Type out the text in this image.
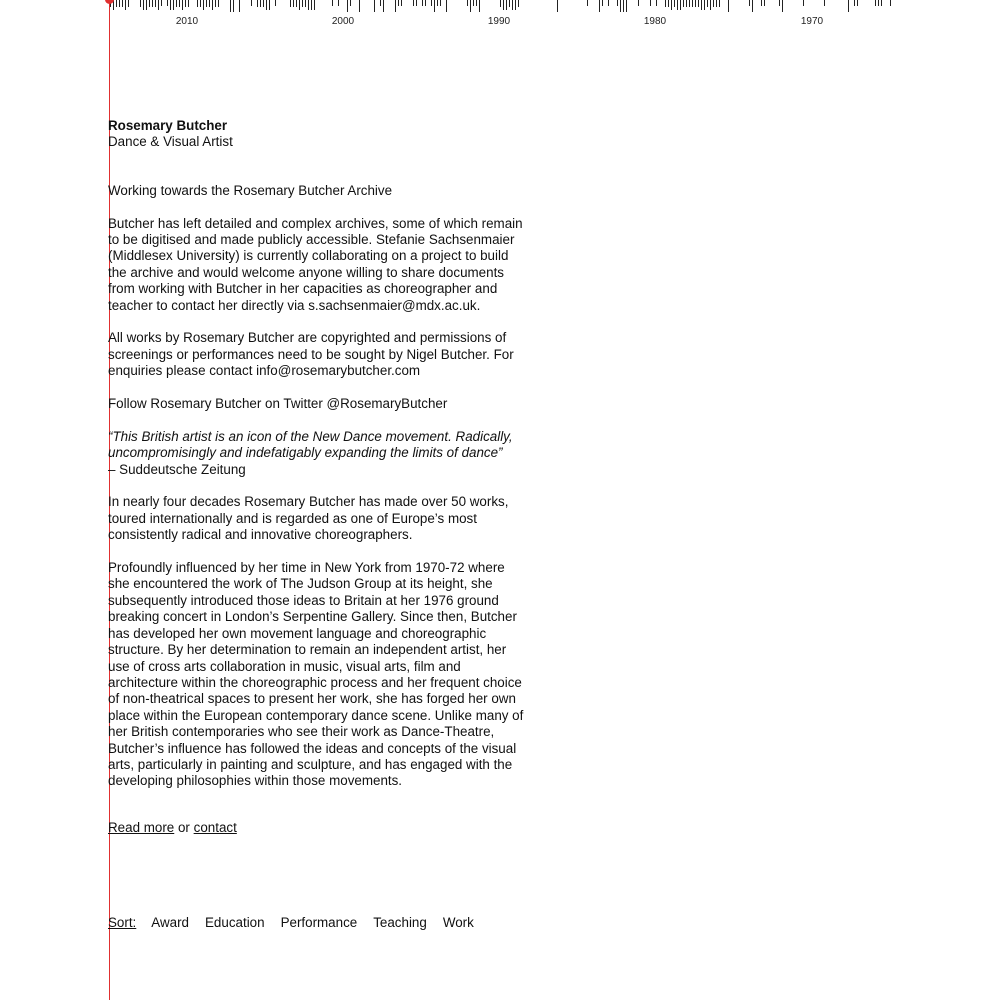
2010	2000	1990	1980	1970
Rosemary Butcher
Dance & Visual Artist

Working towards the Rosemary Butcher Archive

Butcher has left detailed and complex archives, some of which remain to be digitised and made publicly accessible. Stefanie Sachsenmaier (Middlesex University) is currently collaborating on a project to build the archive and would welcome anyone willing to share documents from working with Butcher in her capacities as choreographer and teacher to contact her directly via s.sachsenmaier@mdx.ac.uk.

All works by Rosemary Butcher are copyrighted and permissions of screenings or performances need to be sought by Nigel Butcher. For enquiries please contact info@rosemarybutcher.com

Follow Rosemary Butcher on Twitter @RosemaryButcher

“This British artist is an icon of the New Dance movement. Radically, uncompromisingly and indefatigably expanding the limits of dance”

– Suddeutsche Zeitung

In nearly four decades Rosemary Butcher has made over 50 works, toured internationally and is regarded as one of Europe’s most consistently radical and innovative choreographers.

Profoundly influenced by her time in New York from 1970-72 where she encountered the work of The Judson Group at its height, she subsequently introduced those ideas to Britain at her 1976 ground breaking concert in London’s Serpentine Gallery. Since then, Butcher has developed her own movement language and choreographic structure. By her determination to remain an independent artist, her use of cross arts collaboration in music, visual arts, film and architecture within the choreographic process and her frequent choice of non-theatrical spaces to present her work, she has forged her own place within the European contemporary dance scene. Unlike many of her British contemporaries who see their work as Dance-Theatre, Butcher’s influence has followed the ideas and concepts of the visual arts, particularly in painting and sculpture, and has engaged with the developing philosophies within those movements.

Read more or contact
Sort: Award Education Performance Teaching Work
